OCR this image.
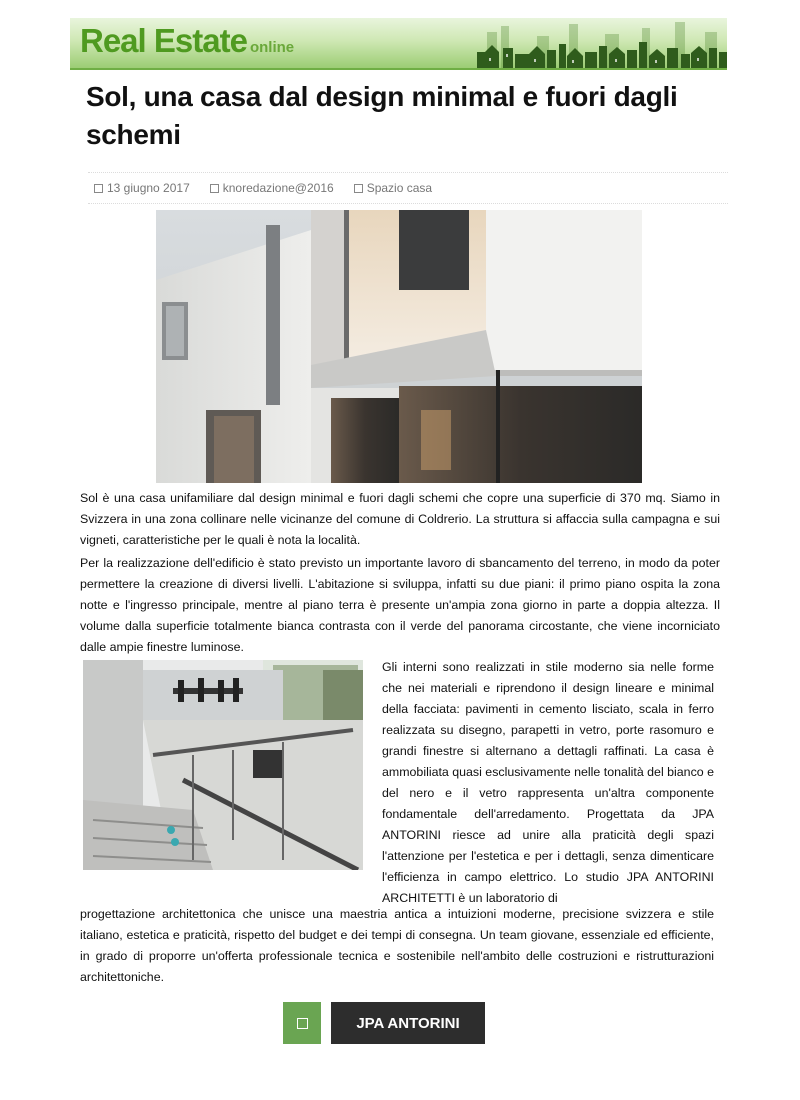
Real Estate online
Sol, una casa dal design minimal e fuori dagli schemi
13 giugno 2017	knoredazione@2016	Spazio casa

Sol è una casa unifamiliare dal design minimal e fuori dagli schemi che copre una superficie di 370 mq. Siamo in Svizzera in una zona collinare nelle vicinanze del comune di Coldrerio. La struttura si affaccia sulla campagna e sui vigneti, caratteristiche per le quali è nota la località.

Per la realizzazione dell'edificio è stato previsto un importante lavoro di sbancamento del terreno, in modo da poter permettere la creazione di diversi livelli. L'abitazione si sviluppa, infatti su due piani: il primo piano ospita la zona notte e l'ingresso principale, mentre al piano terra è presente un'ampia zona giorno in parte a doppia altezza. Il volume dalla superficie totalmente bianca contrasta con il verde del panorama circostante, che viene incorniciato dalle ampie finestre luminose.

Gli interni sono realizzati in stile moderno sia nelle forme che nei materiali e riprendono il design lineare e minimal della facciata: pavimenti in cemento lisciato, scala in ferro realizzata su disegno, parapetti in vetro, porte rasomuro e grandi finestre si alternano a dettagli raffinati. La casa è ammobiliata quasi esclusivamente nelle tonalità del bianco e del nero e il vetro rappresenta un'altra componente fondamentale dell'arredamento. Progettata da JPA ANTORINI riesce ad unire alla praticità degli spazi l'attenzione per l'estetica e per i dettagli, senza dimenticare l'efficienza in campo elettrico. Lo studio JPA ANTORINI ARCHITETTI è un laboratorio di

progettazione architettonica che unisce una maestria antica a intuizioni moderne, precisione svizzera e stile italiano, estetica e praticità, rispetto del budget e dei tempi di consegna. Un team giovane, essenziale ed efficiente, in grado di proporre un'offerta professionale tecnica e sostenibile nell'ambito delle costruzioni e ristrutturazioni architettoniche.

JPA ANTORINI
